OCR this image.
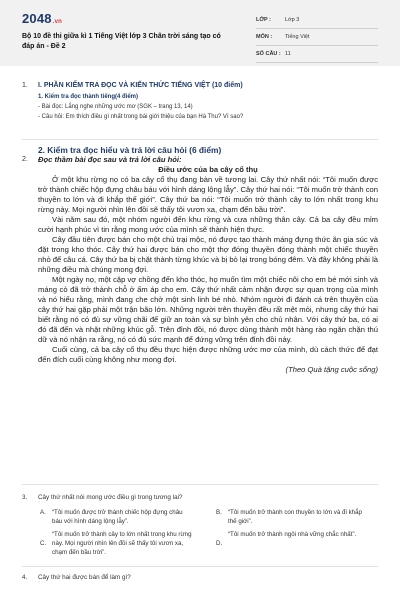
2048.vn
Bộ 10 đề thi giữa kì 1 Tiếng Việt lớp 3 Chân trời sáng tạo có đáp án - Đề 2
LỚP :	Lớp 3
MÔN :	Tiếng Việt
SỐ CÂU : 11
1. I. PHẦN KIỂM TRA ĐỌC VÀ KIẾN THỨC TIẾNG VIỆT (10 điểm)
1. Kiểm tra đọc thành tiếng(4 điểm)
- Bài đọc: Lắng nghe những ước mơ (SGK – trang 13, 14)
- Câu hỏi: Em thích điều gì nhất trong bài giới thiệu của bạn Hà Thu? Vì sao?
2.
2. Kiểm tra đọc hiểu và trả lời câu hỏi (6 điểm)
Đọc thầm bài đọc sau và trả lời câu hỏi:
Điều ước của ba cây cổ thụ

Ở một khu rừng nọ có ba cây cổ thụ đang bàn về tương lai. Cây thứ nhất nói: “Tôi muốn được trở thành chiếc hộp đựng châu báu với hình dáng lộng lẫy”. Cây thứ hai nói: “Tôi muốn trở thành con thuyền to lớn và đi khắp thế giới”. Cây thứ ba nói: “Tôi muốn trở thành cây to lớn nhất trong khu rừng này. Mọi người nhìn lên đồi sẽ thấy tôi vươn xa, chạm đến bầu trời”.

Vài năm sau đó, một nhóm người đến khu rừng và cưa những thân cây. Cả ba cây đều mỉm cười hạnh phúc vì tin rằng mong ước của mình sẽ thành hiện thực.

Cây đầu tiên được bán cho một chủ trại mộc, nó được tạo thành máng đựng thức ăn gia súc và đặt trong kho thóc. Cây thứ hai được bán cho một thợ đóng thuyền đóng thành một chiếc thuyền nhỏ để câu cá. Cây thứ ba bị chặt thành từng khúc và bị bỏ lại trong bóng đêm. Và đây không phải là những điều mà chúng mong đợi.

Một ngày nọ, một cặp vợ chồng đến kho thóc, họ muốn tìm một chiếc nôi cho em bé mới sinh và máng cỏ đã trở thành chỗ ở ấm áp cho em. Cây thứ nhất cảm nhận được sự quan trọng của mình và nó hiểu rằng, mình đang che chở một sinh linh bé nhỏ. Nhóm người đi đánh cá trên thuyền của cây thứ hai gặp phải một trận bão lớn. Những người trên thuyền đều rất mệt mỏi, nhưng cây thứ hai biết rằng nó có đủ sự vững chãi để giữ an toàn và sự bình yên cho chủ nhân. Với cây thứ ba, có ai đó đã đến và nhặt những khúc gỗ. Trên đỉnh đồi, nó được dùng thành một hàng rào ngăn chặn thú dữ và nó nhận ra rằng, nó có đủ sức mạnh để đứng vững trên đỉnh đồi này.

Cuối cùng, cả ba cây cổ thụ đều thực hiện được những ước mơ của mình, dù cách thức để đạt đến đích cuối cùng không như mong đợi.

(Theo Quà tặng cuộc sống)
3. Cây thứ nhất nói mong ước điều gì trong tương lai?
A. “Tôi muốn được trở thành chiếc hộp đựng châu báu với hình dáng lộng lẫy”.
B. “Tôi muốn trở thành con thuyền to lớn và đi khắp thế giới”.
C.
“Tôi muốn trở thành cây to lớn nhất trong khu rừng này. Mọi người nhìn lên đồi sẽ thấy tôi vươn xa, chạm đến bầu trời”.
D.
“Tôi muốn trở thành ngôi nhà vững chắc nhất”.
4. Cây thứ hai được bán để làm gì?
